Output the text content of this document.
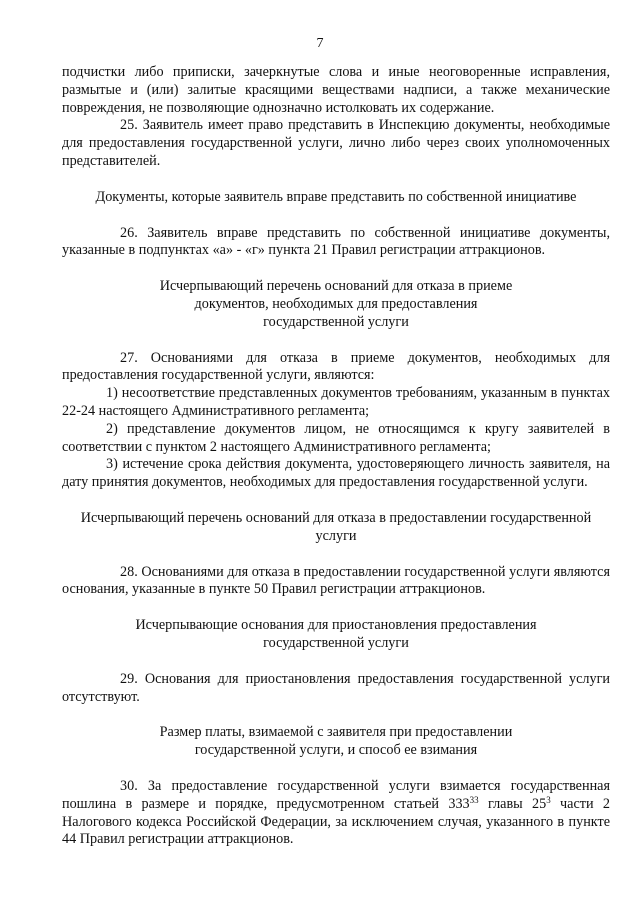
7

подчистки либо приписки, зачеркнутые слова и иные неоговоренные исправления, размытые и (или) залитые красящими веществами надписи, а также механические повреждения, не позволяющие однозначно истолковать их содержание.

25. Заявитель имеет право представить в Инспекцию документы, необходимые для предоставления государственной услуги, лично либо через своих уполномоченных представителей.

Документы, которые заявитель вправе представить по собственной инициативе

26. Заявитель вправе представить по собственной инициативе документы, указанные в подпунктах «а» - «г» пункта 21 Правил регистрации аттракционов.

Исчерпывающий перечень оснований для отказа в приеме

документов, необходимых для предоставления

государственной услуги

27. Основаниями для отказа в приеме документов, необходимых для предоставления государственной услуги, являются:

1) несоответствие представленных документов требованиям, указанным в пунктах 22-24 настоящего Административного регламента;

2) представление документов лицом, не относящимся к кругу заявителей в соответствии с пунктом 2 настоящего Административного регламента;

3) истечение срока действия документа, удостоверяющего личность заявителя, на дату принятия документов, необходимых для предоставления государственной услуги.

Исчерпывающий перечень оснований для отказа в предоставлении государственной

услуги

28. Основаниями для отказа в предоставлении государственной услуги являются основания, указанные в пункте 50 Правил регистрации аттракционов.

Исчерпывающие основания для приостановления предоставления

государственной услуги

29. Основания для приостановления предоставления государственной услуги отсутствуют.

Размер платы, взимаемой с заявителя при предоставлении

государственной услуги, и способ ее взимания

30. За предоставление государственной услуги взимается государственная пошлина в размере и порядке, предусмотренном статьей $333^{33}$ главы $25^3$ части 2 Налогового кодекса Российской Федерации, за исключением случая, указанного в пункте 44 Правил регистрации аттракционов.
